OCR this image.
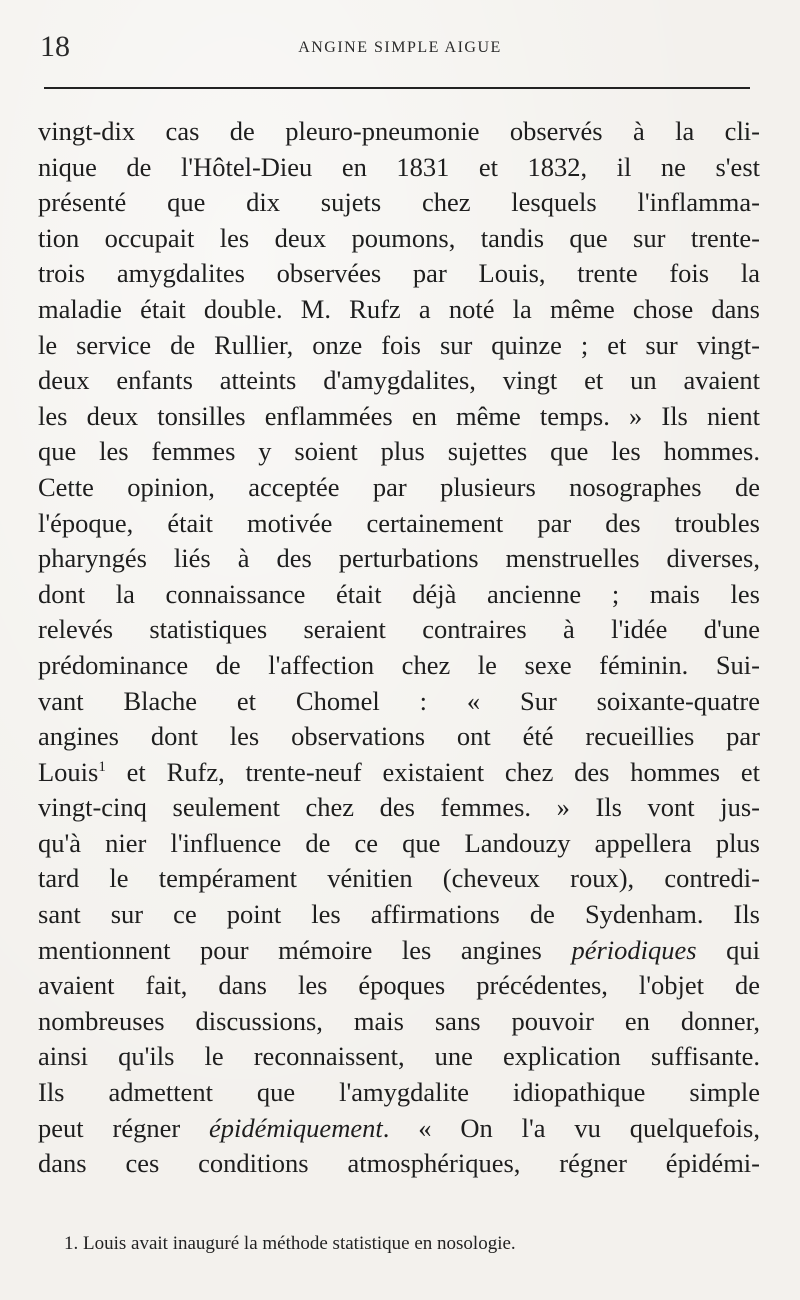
18	ANGINE SIMPLE AIGUE
vingt-dix cas de pleuro-pneumonie observés à la cli-
nique de l'Hôtel-Dieu en 1831 et 1832, il ne s'est
présenté que dix sujets chez lesquels l'inflamma-
tion occupait les deux poumons, tandis que sur trente-
trois amygdalites observées par Louis, trente fois la
maladie était double. M. Rufz a noté la même chose dans
le service de Rullier, onze fois sur quinze ; et sur vingt-
deux enfants atteints d'amygdalites, vingt et un avaient
les deux tonsilles enflammées en même temps. » Ils nient
que les femmes y soient plus sujettes que les hommes.
Cette opinion, acceptée par plusieurs nosographes de
l'époque, était motivée certainement par des troubles
pharyngés liés à des perturbations menstruelles diverses,
dont la connaissance était déjà ancienne ; mais les
relevés statistiques seraient contraires à l'idée d'une
prédominance de l'affection chez le sexe féminin. Sui-
vant Blache et Chomel : « Sur soixante-quatre
angines dont les observations ont été recueillies par
Louis$^1$ et Rufz, trente-neuf existaient chez des hommes et
vingt-cinq seulement chez des femmes. » Ils vont jus-
qu'à nier l'influence de ce que Landouzy appellera plus
tard le tempérament vénitien (cheveux roux), contredi-
sant sur ce point les affirmations de Sydenham. Ils
mentionnent pour mémoire les angines périodiques qui
avaient fait, dans les époques précédentes, l'objet de
nombreuses discussions, mais sans pouvoir en donner,
ainsi qu'ils le reconnaissent, une explication suffisante.
Ils admettent que l'amygdalite idiopathique simple
peut régner épidémiquement. « On l'a vu quelquefois,
dans ces conditions atmosphériques, régner épidémi-
1. Louis avait inauguré la méthode statistique en nosologie.
